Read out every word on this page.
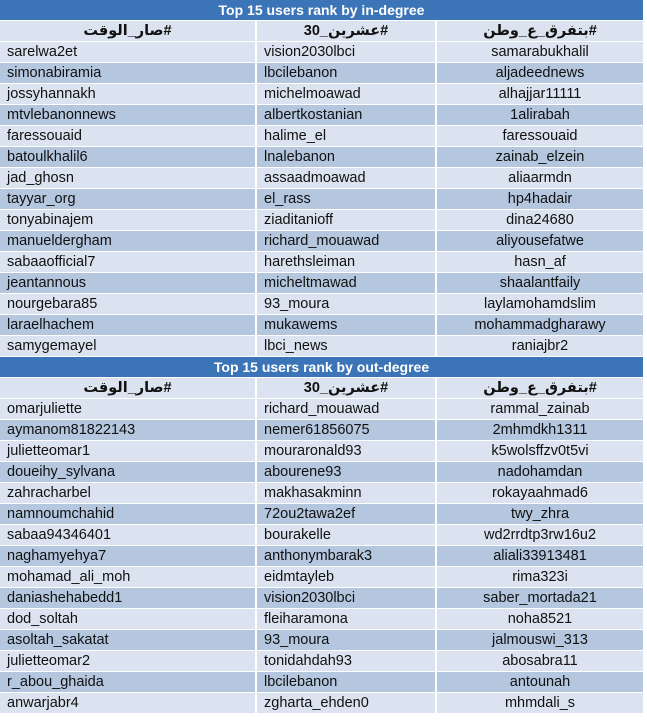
Top 15 users rank by in-degree
#صار_الوقت	#عشرين_30	#بتفرق_ع_وطن
sarelwa2et	vision2030lbci	samarabukhalil
simonabiramia	lbcilebanon	aljadeednews
jossyhannakh	michelmoawad	alhajjar11111
mtvlebanonnews	albertkostanian	1alirabah
faressouaid	halime_el	faressouaid
batoulkhalil6	lnalebanon	zainab_elzein
jad_ghosn	assaadmoawad	aliaarmdn
tayyar_org	el_rass	hp4hadair
tonyabinajem	ziaditanioff	dina24680
manueldergham	richard_mouawad	aliyousefatwe
sabaaofficial7	harethsleiman	hasn_af
jeantannous	micheltmawad	shaalantfaily
nourgebara85	93_moura	laylamohamdslim
laraelhachem	mukawems	mohammadgharawy
samygemayel	lbci_news	raniajbr2
Top 15 users rank by out-degree
#صار_الوقت	#عشرين_30	#بتفرق_ع_وطن
omarjuliette	richard_mouawad	rammal_zainab
aymanom81822143	nemer61856075	2mhmdkh1311
julietteomar1	mouraronald93	k5wolsffzv0t5vi
doueihy_sylvana	abourene93	nadohamdan
zahracharbel	makhasakminn	rokayaahmad6
namnoumchahid	72ou2tawa2ef	twy_zhra
sabaa94346401	bourakelle	wd2rrdtp3rw16u2
naghamyehya7	anthonymbarak3	aliali33913481
mohamad_ali_moh	eidmtayleb	rima323i
daniashehabedd1	vision2030lbci	saber_mortada21
dod_soltah	fleiharamona	noha8521
asoltah_sakatat	93_moura	jalmouswi_313
julietteomar2	tonidahdah93	abosabra11
r_abou_ghaida	lbcilebanon	antounah
anwarjabr4	zgharta_ehden0	mhmdali_s
